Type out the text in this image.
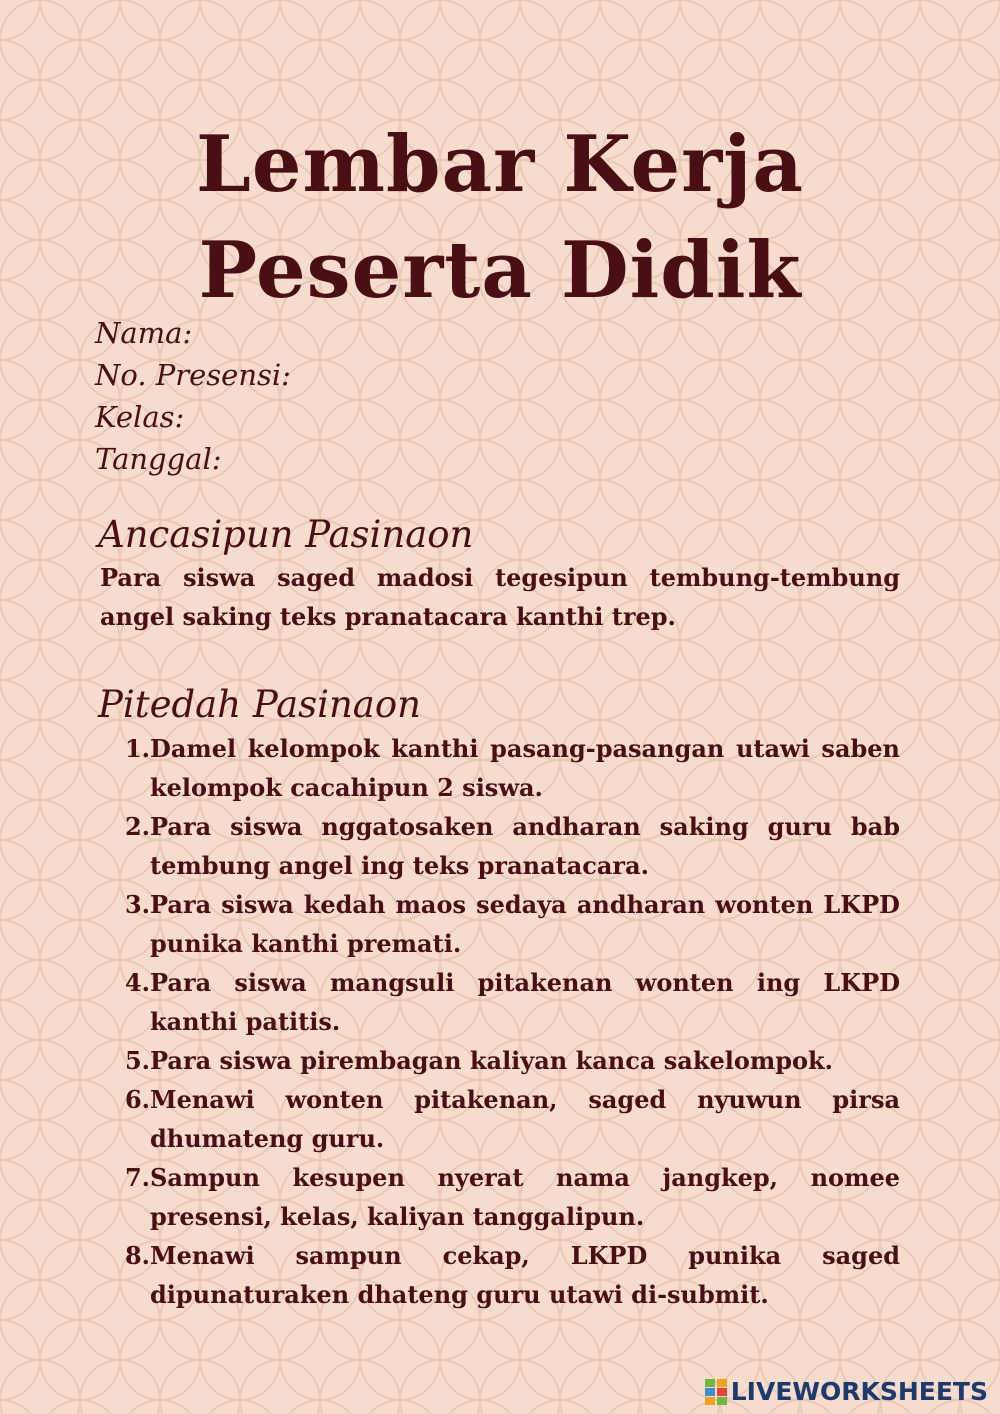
Lembar Kerja
Peserta Didik
Nama:
No. Presensi:
Kelas:
Tanggal:
Ancasipun Pasinaon
Para siswa saged madosi tegesipun tembung-tembung angel saking teks pranatacara kanthi trep.
Pitedah Pasinaon
1. Damel kelompok kanthi pasang-pasangan utawi saben kelompok cacahipun 2 siswa.
2. Para siswa nggatosaken andharan saking guru bab tembung angel ing teks pranatacara.
3. Para siswa kedah maos sedaya andharan wonten LKPD punika kanthi premati.
4. Para siswa mangsuli pitakenan wonten ing LKPD kanthi patitis.
5. Para siswa pirembagan kaliyan kanca sakelompok.
6. Menawi wonten pitakenan, saged nyuwun pirsa dhumateng guru.
7. Sampun kesupen nyerat nama jangkep, nomee presensi, kelas, kaliyan tanggalipun.
8. Menawi sampun cekap, LKPD punika saged dipunaturaken dhateng guru utawi di-submit.
LIVEWORKSHEETS
